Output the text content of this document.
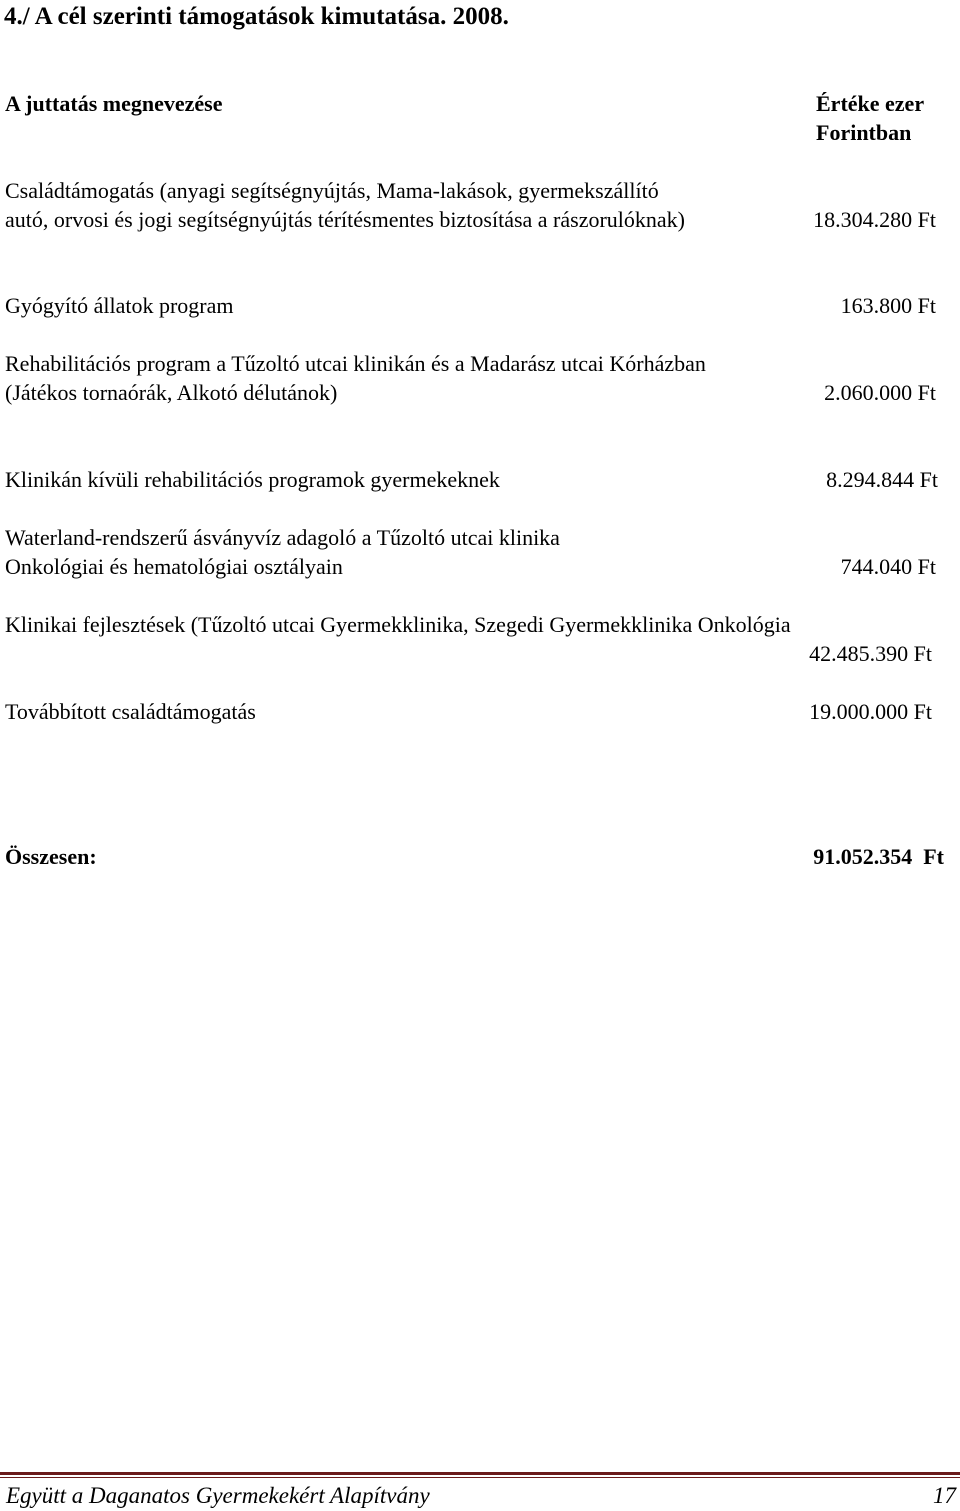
4./ A cél szerinti támogatások kimutatása. 2008.
A juttatás megnevezése	Értéke ezer
Forintban
Családtámogatás (anyagi segítségnyújtás, Mama-lakások, gyermekszállító
autó, orvosi és jogi segítségnyújtás térítésmentes biztosítása a rászorulóknak)	18.304.280 Ft
Gyógyító állatok program	163.800 Ft
Rehabilitációs program a Tűzoltó utcai klinikán és a Madarász utcai Kórházban
(Játékos tornaórák, Alkotó délutánok)	2.060.000 Ft
Klinikán kívüli rehabilitációs programok gyermekeknek	8.294.844 Ft
Waterland-rendszerű ásványvíz adagoló a Tűzoltó utcai klinika
Onkológiai és hematológiai osztályain	744.040 Ft
Klinikai fejlesztések (Tűzoltó utcai Gyermekklinika, Szegedi Gyermekklinika Onkológia
42.485.390 Ft
Továbbított családtámogatás	19.000.000 Ft
Összesen:	91.052.354  Ft
Együtt a Daganatos Gyermekekért Alapítvány	17
